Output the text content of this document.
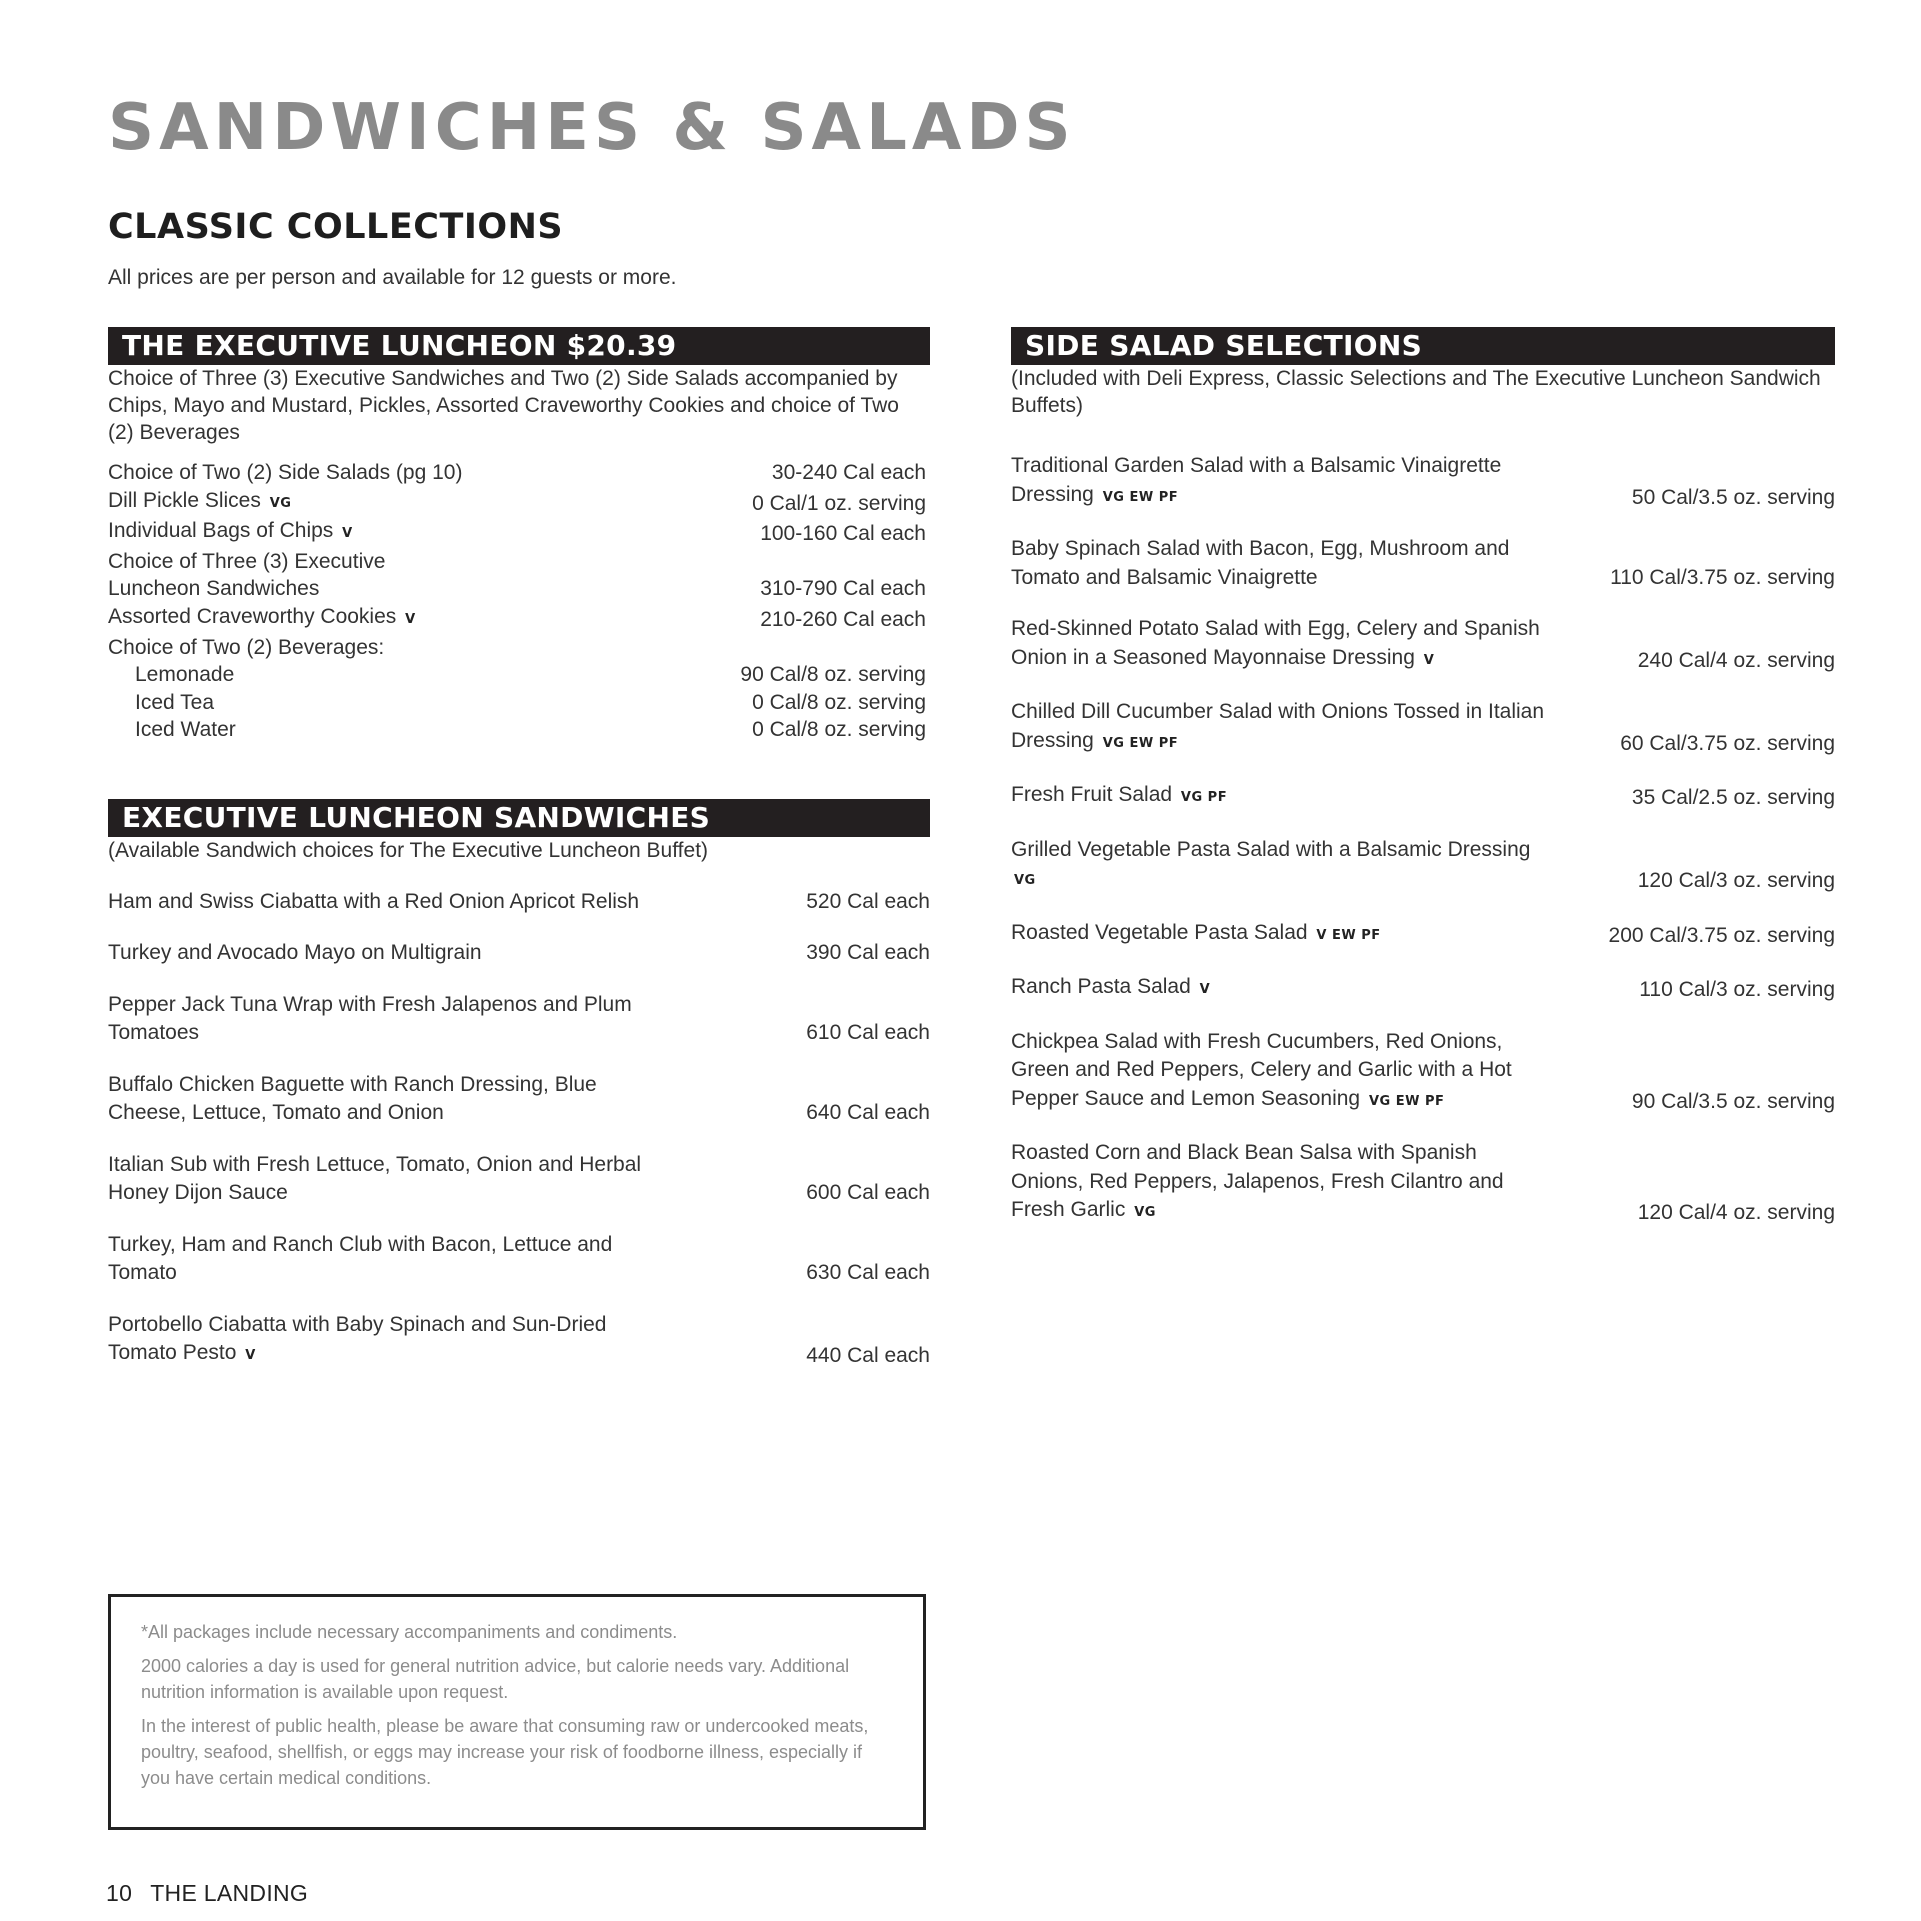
SANDWICHES & SALADS
CLASSIC COLLECTIONS

All prices are per person and available for 12 guests or more.

THE EXECUTIVE LUNCHEON $20.39

Choice of Three (3) Executive Sandwiches and Two (2) Side Salads accompanied by Chips, Mayo and Mustard, Pickles, Assorted Craveworthy Cookies and choice of Two (2) Beverages

Choice of Two (2) Side Salads (pg 10)	30-240 Cal each
Dill Pickle Slices VG	0 Cal/1 oz. serving
Individual Bags of Chips V	100-160 Cal each
Choice of Three (3) Executive
Luncheon Sandwiches	310-790 Cal each
Assorted Craveworthy Cookies V	210-260 Cal each
Choice of Two (2) Beverages:
Lemonade	90 Cal/8 oz. serving
Iced Tea	0 Cal/8 oz. serving
Iced Water	0 Cal/8 oz. serving
EXECUTIVE LUNCHEON SANDWICHES

(Available Sandwich choices for The Executive Luncheon Buffet)

Ham and Swiss Ciabatta with a Red Onion Apricot Relish	520 Cal each
Turkey and Avocado Mayo on Multigrain	390 Cal each
Pepper Jack Tuna Wrap with Fresh Jalapenos and Plum Tomatoes	610 Cal each
Buffalo Chicken Baguette with Ranch Dressing, Blue Cheese, Lettuce, Tomato and Onion	640 Cal each
Italian Sub with Fresh Lettuce, Tomato, Onion and Herbal Honey Dijon Sauce	600 Cal each
Turkey, Ham and Ranch Club with Bacon, Lettuce and Tomato	630 Cal each
Portobello Ciabatta with Baby Spinach and Sun-Dried Tomato Pesto V	440 Cal each
SIDE SALAD SELECTIONS

(Included with Deli Express, Classic Selections and The Executive Luncheon Sandwich Buffets)

Traditional Garden Salad with a Balsamic Vinaigrette Dressing VG EW PF	50 Cal/3.5 oz. serving
Baby Spinach Salad with Bacon, Egg, Mushroom and Tomato and Balsamic Vinaigrette	110 Cal/3.75 oz. serving
Red-Skinned Potato Salad with Egg, Celery and Spanish Onion in a Seasoned Mayonnaise Dressing V	240 Cal/4 oz. serving
Chilled Dill Cucumber Salad with Onions Tossed in Italian Dressing VG EW PF	60 Cal/3.75 oz. serving
Fresh Fruit Salad VG PF	35 Cal/2.5 oz. serving
Grilled Vegetable Pasta Salad with a Balsamic Dressing VG	120 Cal/3 oz. serving
Roasted Vegetable Pasta Salad V EW PF	200 Cal/3.75 oz. serving
Ranch Pasta Salad V	110 Cal/3 oz. serving
Chickpea Salad with Fresh Cucumbers, Red Onions, Green and Red Peppers, Celery and Garlic with a Hot Pepper Sauce and Lemon Seasoning VG EW PF	90 Cal/3.5 oz. serving
Roasted Corn and Black Bean Salsa with Spanish Onions, Red Peppers, Jalapenos, Fresh Cilantro and Fresh Garlic VG	120 Cal/4 oz. serving

*All packages include necessary accompaniments and condiments.

2000 calories a day is used for general nutrition advice, but calorie needs vary. Additional nutrition information is available upon request.

In the interest of public health, please be aware that consuming raw or undercooked meats, poultry, seafood, shellfish, or eggs may increase your risk of foodborne illness, especially if you have certain medical conditions.

10 THE LANDING
